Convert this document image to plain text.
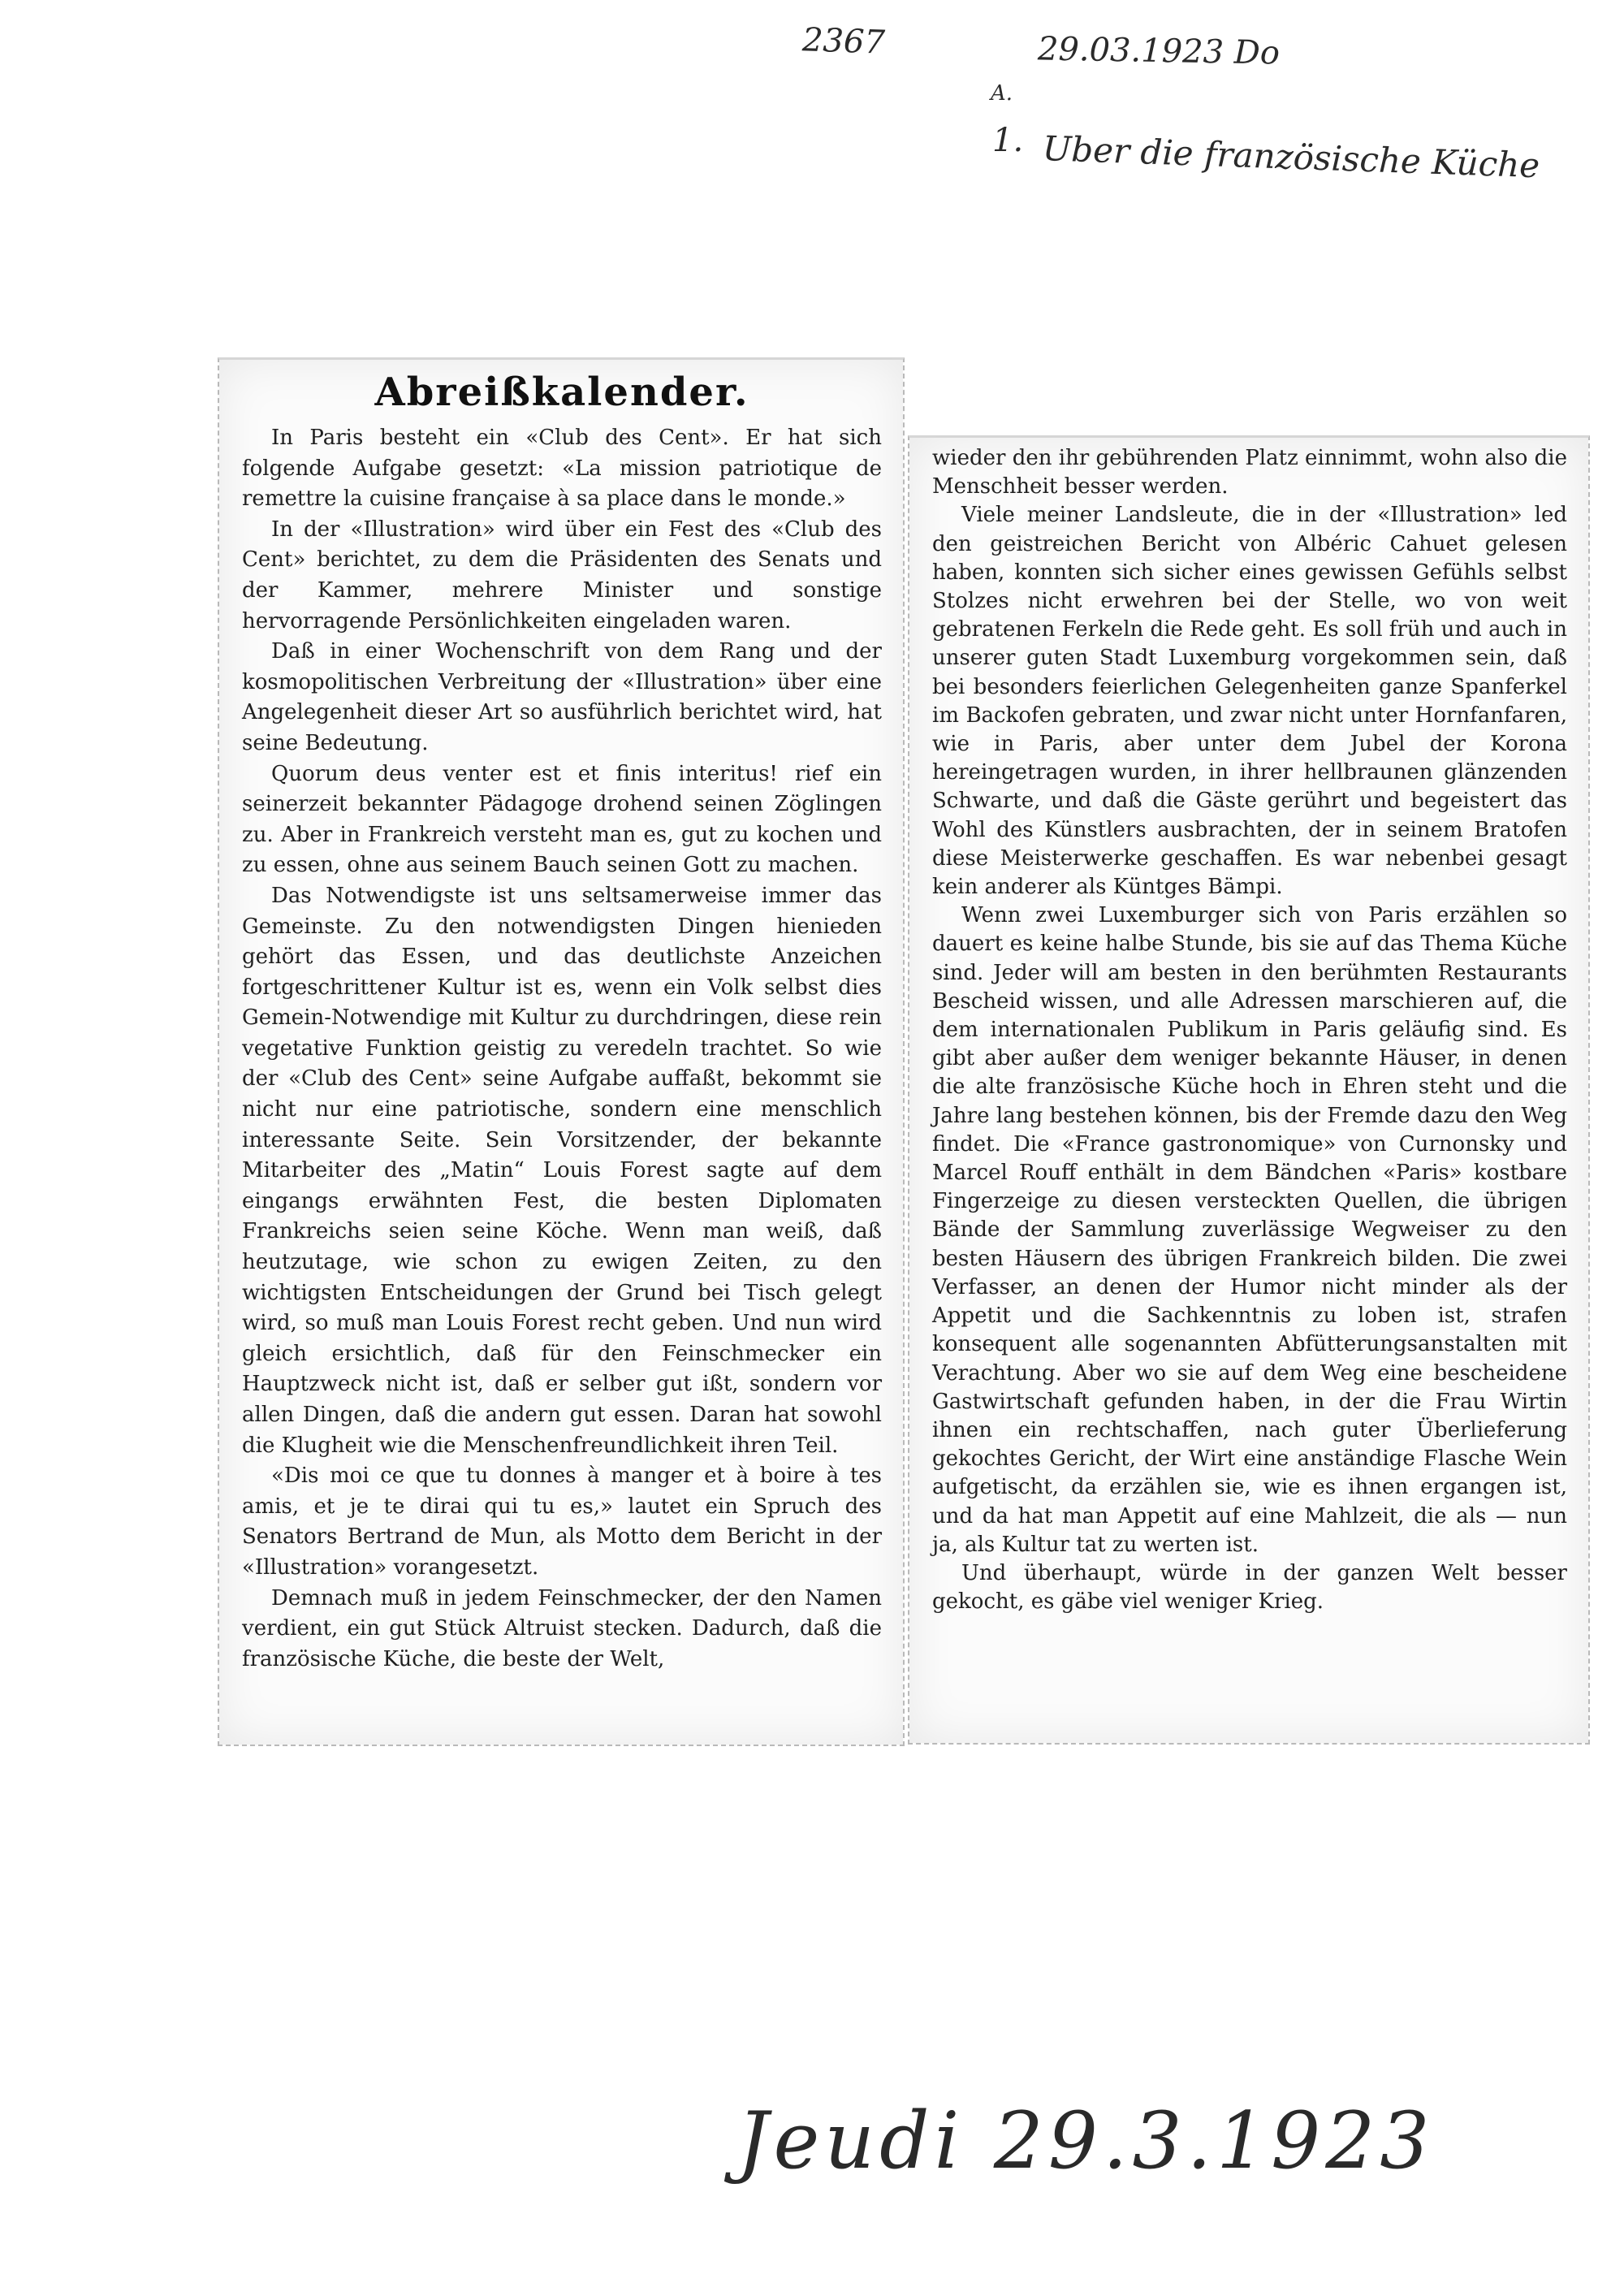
2367	29.03.1923 Do
A.
1. Uber die französische Küche
Abreißkalender.

In Paris besteht ein «Club des Cent». Er hat sich folgende Aufgabe gesetzt: «La mission patriotique de remettre la cuisine française à sa place dans le monde.»

In der «Illustration» wird über ein Fest des «Club des Cent» berichtet, zu dem die Präsidenten des Senats und der Kammer, mehrere Minister und sonstige hervorragende Persönlichkeiten eingeladen waren.

Daß in einer Wochenschrift von dem Rang und der kosmopolitischen Verbreitung der «Illustration» über eine Angelegenheit dieser Art so ausführlich berichtet wird, hat seine Bedeutung.

Quorum deus venter est et finis interitus! rief ein seinerzeit bekannter Pädagoge drohend seinen Zöglingen zu. Aber in Frankreich versteht man es, gut zu kochen und zu essen, ohne aus seinem Bauch seinen Gott zu machen.

Das Notwendigste ist uns seltsamerweise immer das Gemeinste. Zu den notwendigsten Dingen hienieden gehört das Essen, und das deutlichste Anzeichen fortgeschrittener Kultur ist es, wenn ein Volk selbst dies Gemein-Notwendige mit Kultur zu durchdringen, diese rein vegetative Funktion geistig zu veredeln trachtet. So wie der «Club des Cent» seine Aufgabe auffaßt, bekommt sie nicht nur eine patriotische, sondern eine menschlich interessante Seite. Sein Vorsitzender, der bekannte Mitarbeiter des „Matin“ Louis Forest sagte auf dem eingangs erwähnten Fest, die besten Diplomaten Frankreichs seien seine Köche. Wenn man weiß, daß heutzutage, wie schon zu ewigen Zeiten, zu den wichtigsten Entscheidungen der Grund bei Tisch gelegt wird, so muß man Louis Forest recht geben. Und nun wird gleich ersichtlich, daß für den Feinschmecker ein Hauptzweck nicht ist, daß er selber gut ißt, sondern vor allen Dingen, daß die andern gut essen. Daran hat sowohl die Klugheit wie die Menschenfreundlichkeit ihren Teil.

«Dis moi ce que tu donnes à manger et à boire à tes amis, et je te dirai qui tu es,» lautet ein Spruch des Senators Bertrand de Mun, als Motto dem Bericht in der «Illustration» vorangesetzt.

Demnach muß in jedem Feinschmecker, der den Namen verdient, ein gut Stück Altruist stecken. Dadurch, daß die französische Küche, die beste der Welt,

wieder den ihr gebührenden Platz einnimmt, wohn also die Menschheit besser werden.

Viele meiner Landsleute, die in der «Illustration» led den geistreichen Bericht von Albéric Cahuet gelesen haben, konnten sich sicher eines gewissen Gefühls selbst Stolzes nicht erwehren bei der Stelle, wo von weit gebratenen Ferkeln die Rede geht. Es soll früh und auch in unserer guten Stadt Luxemburg vorgekommen sein, daß bei besonders feierlichen Gelegenheiten ganze Spanferkel im Backofen gebraten, und zwar nicht unter Hornfanfaren, wie in Paris, aber unter dem Jubel der Korona hereingetragen wurden, in ihrer hellbraunen glänzenden Schwarte, und daß die Gäste gerührt und begeistert das Wohl des Künstlers ausbrachten, der in seinem Bratofen diese Meisterwerke geschaffen. Es war nebenbei gesagt kein anderer als Küntges Bämpi.

Wenn zwei Luxemburger sich von Paris erzählen so dauert es keine halbe Stunde, bis sie auf das Thema Küche sind. Jeder will am besten in den berühmten Restaurants Bescheid wissen, und alle Adressen marschieren auf, die dem internationalen Publikum in Paris geläufig sind. Es gibt aber außer dem weniger bekannte Häuser, in denen die alte französische Küche hoch in Ehren steht und die Jahre lang bestehen können, bis der Fremde dazu den Weg findet. Die «France gastronomique» von Curnonsky und Marcel Rouff enthält in dem Bändchen «Paris» kostbare Fingerzeige zu diesen versteckten Quellen, die übrigen Bände der Sammlung zuverlässige Wegweiser zu den besten Häusern des übrigen Frankreich bilden. Die zwei Verfasser, an denen der Humor nicht minder als der Appetit und die Sachkenntnis zu loben ist, strafen konsequent alle sogenannten Abfütterungsanstalten mit Verachtung. Aber wo sie auf dem Weg eine bescheidene Gastwirtschaft gefunden haben, in der die Frau Wirtin ihnen ein rechtschaffen, nach guter Überlieferung gekochtes Gericht, der Wirt eine anständige Flasche Wein aufgetischt, da erzählen sie, wie es ihnen ergangen ist, und da hat man Appetit auf eine Mahlzeit, die als — nun ja, als Kultur tat zu werten ist.

Und überhaupt, würde in der ganzen Welt besser gekocht, es gäbe viel weniger Krieg.

Jeudi 29.3.1923
